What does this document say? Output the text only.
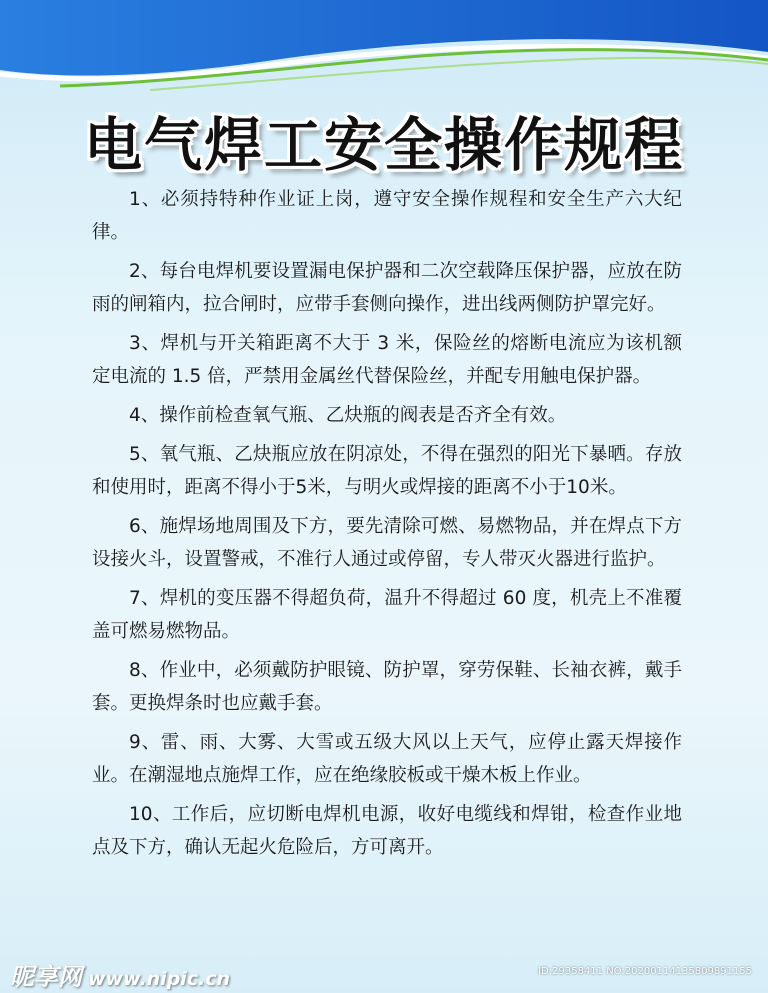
电气焊工安全操作规程

1、必须持特种作业证上岗，遵守安全操作规程和安全生产六大纪律。

2、每台电焊机要设置漏电保护器和二次空载降压保护器，应放在防雨的闸箱内，拉合闸时，应带手套侧向操作，进出线两侧防护罩完好。

3、焊机与开关箱距离不大于 3 米，保险丝的熔断电流应为该机额定电流的 1.5 倍，严禁用金属丝代替保险丝，并配专用触电保护器。

4、操作前检查氧气瓶、乙炔瓶的阀表是否齐全有效。

5、氧气瓶、乙炔瓶应放在阴凉处，不得在强烈的阳光下暴晒。存放和使用时，距离不得小于5米，与明火或焊接的距离不小于10米。

6、施焊场地周围及下方，要先清除可燃、易燃物品，并在焊点下方设接火斗，设置警戒，不准行人通过或停留，专人带灭火器进行监护。

7、焊机的变压器不得超负荷，温升不得超过 60 度，机壳上不准覆盖可燃易燃物品。

8、作业中，必须戴防护眼镜、防护罩，穿劳保鞋、长袖衣裤，戴手套。更换焊条时也应戴手套。

9、雷、雨、大雾、大雪或五级大风以上天气，应停止露天焊接作业。在潮湿地点施焊工作，应在绝缘胶板或干燥木板上作业。

10、工作后，应切断电焊机电源，收好电缆线和焊钳，检查作业地点及下方，确认无起火危险后，方可离开。

昵享网 www.nipic.cn	ID:29358411 NO:20200114135809891155
